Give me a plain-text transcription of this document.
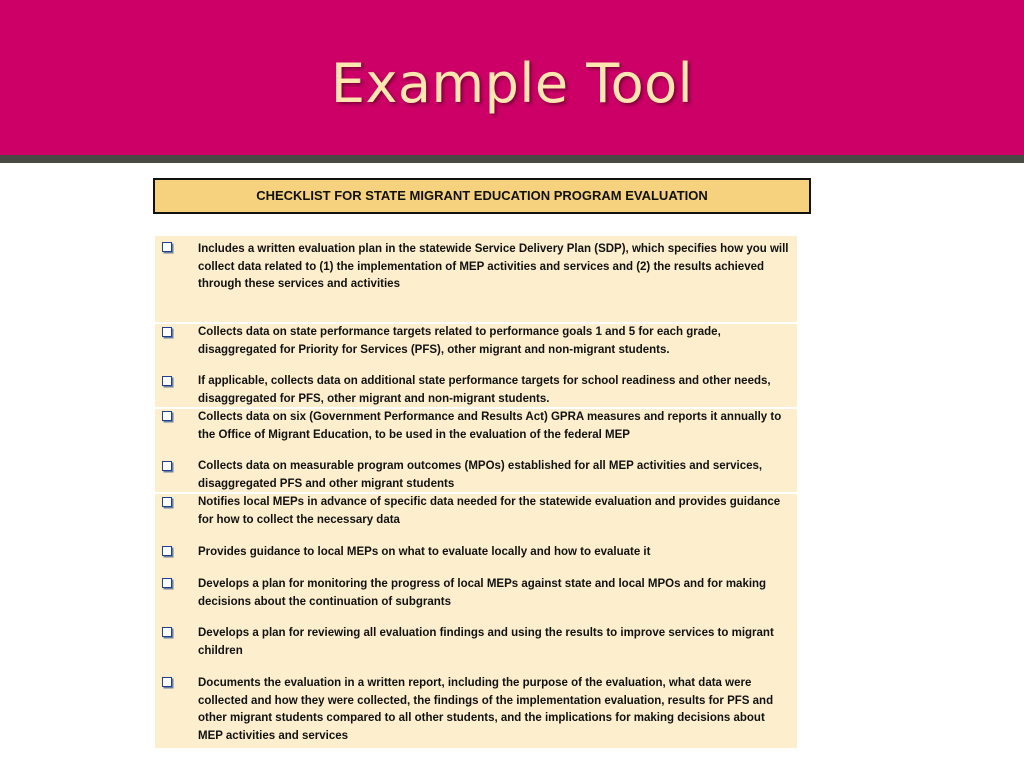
Example Tool
CHECKLIST FOR STATE MIGRANT EDUCATION PROGRAM EVALUATION
Includes a written evaluation plan in the statewide Service Delivery Plan (SDP), which specifies how you will collect data related to (1) the implementation of MEP activities and services and (2) the results achieved through these services and activities
Collects data on state performance targets related to performance goals 1 and 5 for each grade, disaggregated for Priority for Services (PFS), other migrant and non-migrant students.
If applicable, collects data on additional state performance targets for school readiness and other needs, disaggregated for PFS, other migrant and non-migrant students.
Collects data on six (Government Performance and Results Act) GPRA measures and reports it annually to the Office of Migrant Education, to be used in the evaluation of the federal MEP
Collects data on measurable program outcomes (MPOs) established for all MEP activities and services, disaggregated PFS and other migrant students
Notifies local MEPs in advance of specific data needed for the statewide evaluation and provides guidance for how to collect the necessary data
Provides guidance to local MEPs on what to evaluate locally and how to evaluate it
Develops a plan for monitoring the progress of local MEPs against state and local MPOs and for making decisions about the continuation of subgrants
Develops a plan for reviewing all evaluation findings and using the results to improve services to migrant children
Documents the evaluation in a written report, including the purpose of the evaluation, what data were collected and how they were collected, the findings of the implementation evaluation, results for PFS and other migrant students compared to all other students, and the implications for making decisions about MEP activities and services
